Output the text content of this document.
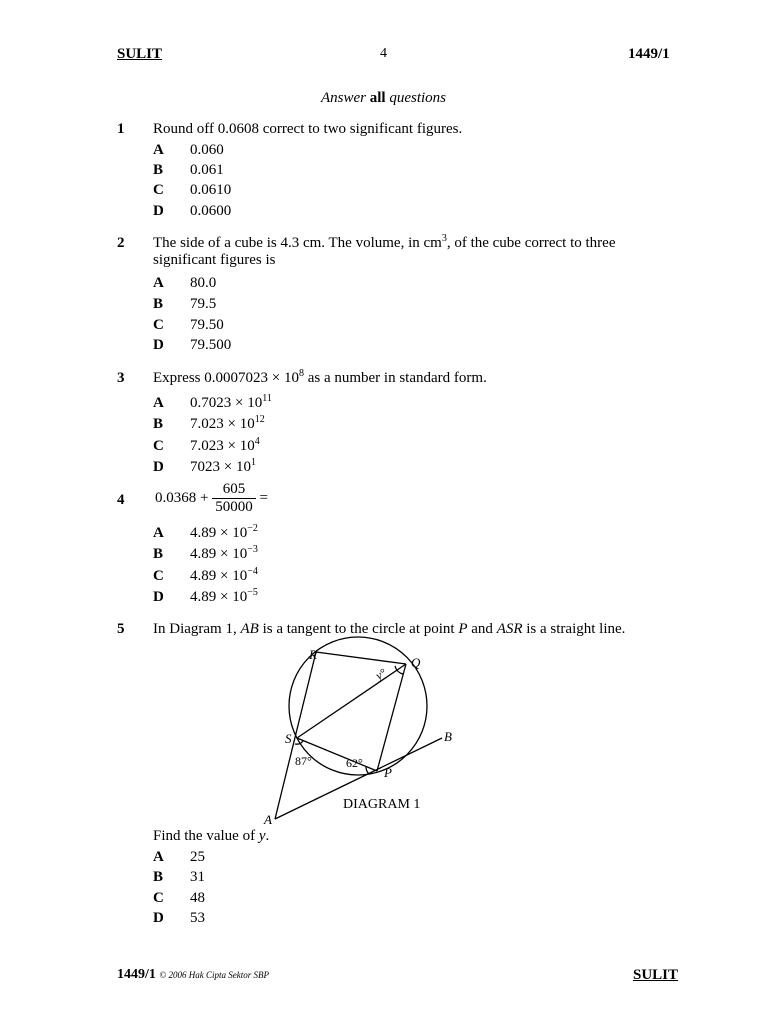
SULIT	4	1449/1
Answer all questions
1 Round off 0.0608 correct to two significant figures.
A 0.060
B 0.061
C 0.0610
D 0.0600
2 The side of a cube is 4.3 cm. The volume, in $cm^3$, of the cube correct to three
significant figures is
A 80.0
B 79.5
C 79.50
D 79.500
3 Express $0.0007023 \times 10^8$ as a number in standard form.
A $0.7023 \times 10^{11}$
B $7.023 \times 10^{12}$
C $7.023 \times 10^4$
D $7023 \times 10^1$
4 $0.0368 + \frac{605}{50000}$ =
A $4.89 \times 10^{-2}$
B $4.89 \times 10^{-3}$
C $4.89 \times 10^{-4}$
D $4.89 \times 10^{-5}$
5 In Diagram 1, AB is a tangent to the circle at point P and ASR is a straight line.
R
Q
y°
S	B
87°	62°
P
A
DIAGRAM 1
Find the value of y.
A 25
B 31
C 48
D 53
1449/1 © 2006 Hak Cipta Sektor SBP	SULIT
